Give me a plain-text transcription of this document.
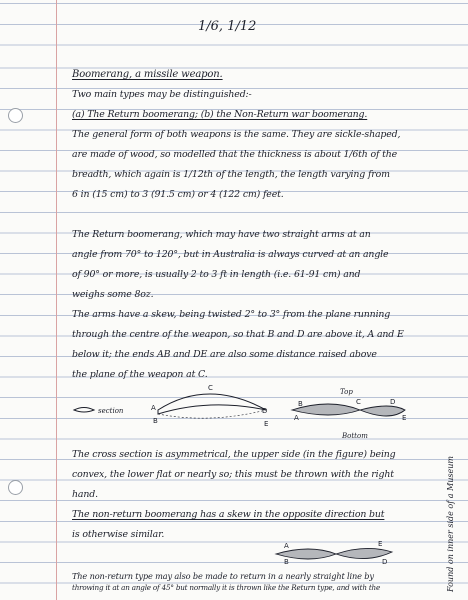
1/6, 1/12
Boomerang, a missile weapon.
Two main types may be distinguished:-
(a) The Return boomerang; (b) the Non-Return war boomerang.
The general form of both weapons is the same. They are sickle-shaped,
are made of wood, so modelled that the thickness is about 1/6th of the
breadth, which again is 1/12th of the length, the length varying from
6 in (15 cm) to 3 (91.5 cm) or 4 (122 cm) feet.
The Return boomerang, which may have two straight arms at an
angle from 70° to 120°, but in Australia is always curved at an angle
of 90° or more, is usually 2 to 3 ft in length (i.e. 61-91 cm) and
weighs some 8oz.
The arms have a skew, being twisted 2° to 3° from the plane running
through the centre of the weapon, so that B and D are above it, A and E
below it; the ends AB and DE are also some distance raised above
the plane of the weapon at C.
section	A
B
C
D
E
Top
B
A
C	D
E
Bottom
The cross section is asymmetrical, the upper side (in the figure) being
convex, the lower flat or nearly so; this must be thrown with the right
hand.
The non-return boomerang has a skew in the opposite direction but
is otherwise similar.
A
B
E
D
The non-return type may also be made to return in a nearly straight line by
throwing it at an angle of 45° but normally it is thrown like the Return type, and with the	Found on inner side of a Museum
